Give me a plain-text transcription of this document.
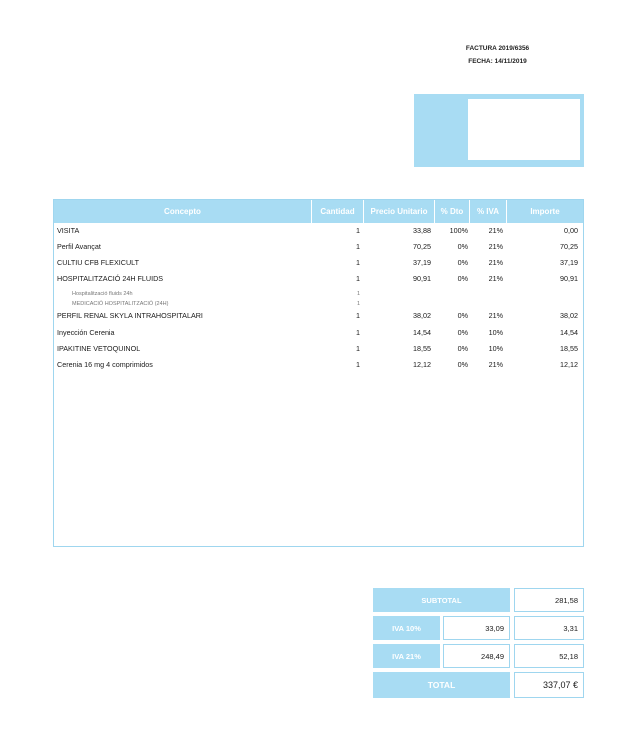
FACTURA 2019/6356
FECHA: 14/11/2019
Concepto	Cantidad	Precio Unitario	% Dto	% IVA	Importe
VISITA	1	33,88	100%	21%	0,00
Perfil Avançat	1	70,25	0%	21%	70,25
CULTIU CFB FLEXICULT	1	37,19	0%	21%	37,19
HOSPITALITZACIÓ 24H FLUIDS	1	90,91	0%	21%	90,91
Hospitalització fluids 24h	1
MEDICACIÓ HOSPITALITZACIÓ (24H)	1
PERFIL RENAL SKYLA INTRAHOSPITALARI	1	38,02	0%	21%	38,02
Inyección Cerenia	1	14,54	0%	10%	14,54
IPAKITINE VETOQUINOL	1	18,55	0%	10%	18,55
Cerenia 16 mg 4 comprimidos	1	12,12	0%	21%	12,12
SUBTOTAL	281,58
IVA 10%	33,09	3,31
IVA 21%	248,49	52,18
TOTAL	337,07 €
